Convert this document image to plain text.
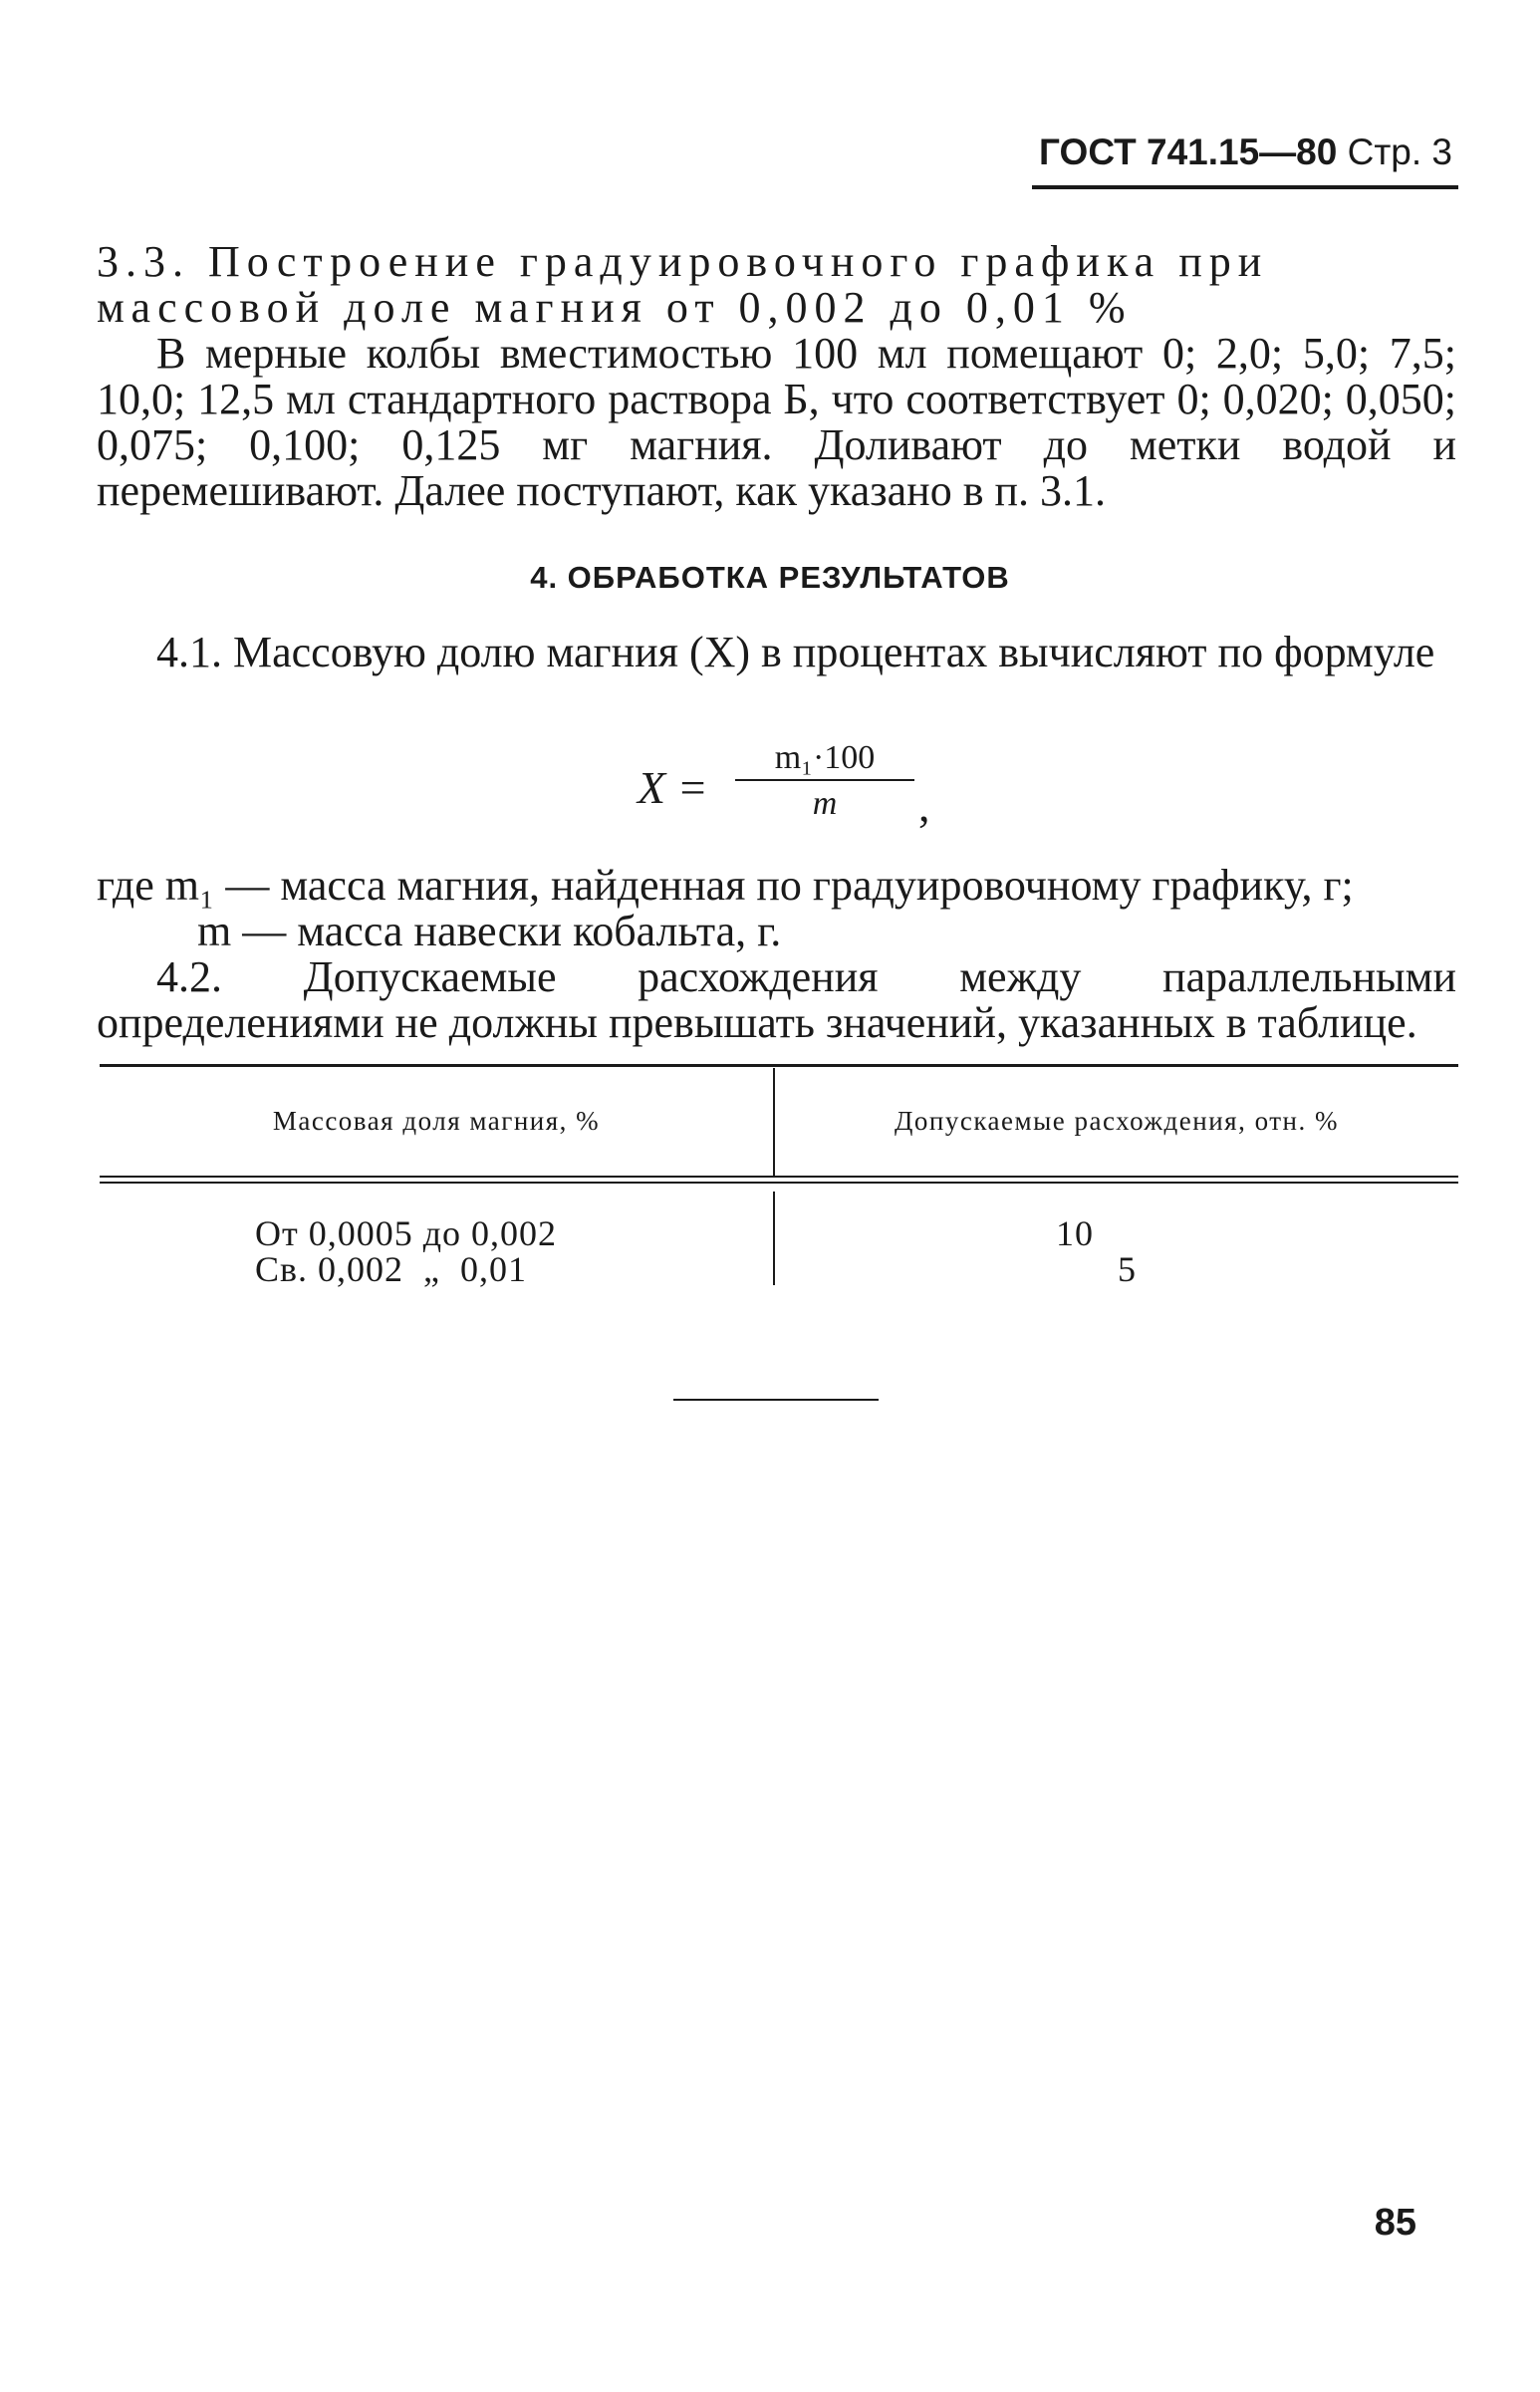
ГОСТ 741.15—80 Стр. 3
3.3. Построение градуировочного графика при
массовой доле магния от 0,002 до 0,01 %
В мерные колбы вместимостью 100 мл помещают 0; 2,0; 5,0; 7,5; 10,0; 12,5 мл стандартного раствора Б, что соответствует 0; 0,020; 0,050; 0,075; 0,100; 0,125 мг магния. Доливают до метки водой и перемешивают. Далее поступают, как указано в п. 3.1.
4. ОБРАБОТКА РЕЗУЛЬТАТОВ
4.1. Массовую долю магния (X) в процентах вычисляют по формуле
X =
m₁·100
m	,
где m₁ — масса магния, найденная по градуировочному графику, г;
m — масса навески кобальта, г.
4.2. Допускаемые расхождения между параллельными определениями не должны превышать значений, указанных в таблице.
Массовая доля магния, %	Допускаемые расхождения, отн. %
От 0,0005 до 0,002	10
Св. 0,002  „  0,01	5
85
